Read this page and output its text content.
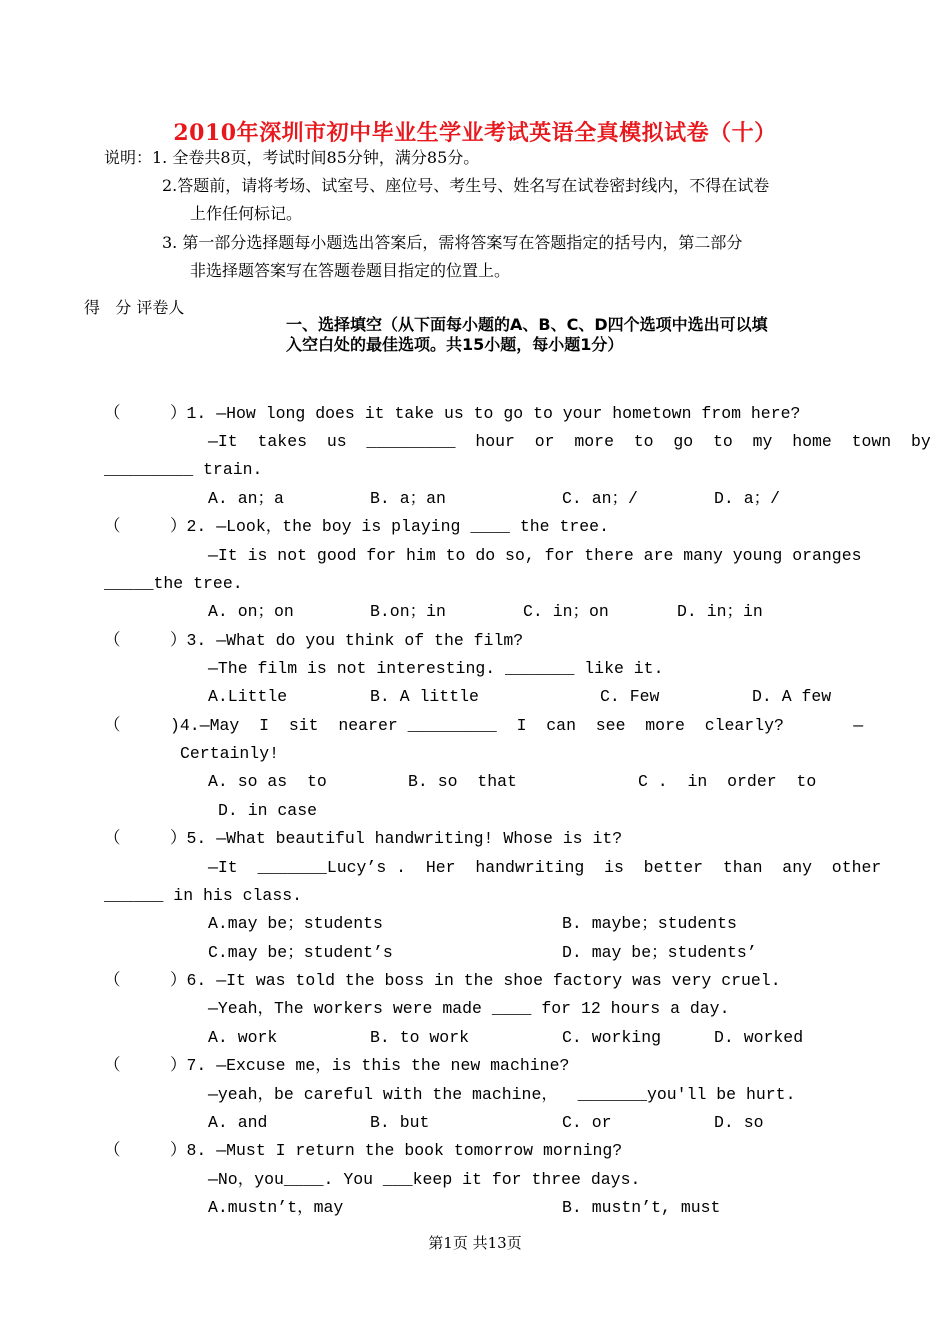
2010年深圳市初中毕业生学业考试英语全真模拟试卷（十）
说明：1. 全卷共8页，考试时间85分钟，满分85分。
2.答题前，请将考场、试室号、座位号、考生号、姓名写在试卷密封线内，不得在试卷
上作任何标记。
3. 第一部分选择题每小题选出答案后，需将答案写在答题指定的括号内，第二部分
非选择题答案写在答题卷题目指定的位置上。
得   分 评卷人
一、选择填空（从下面每小题的A、B、C、D四个选项中选出可以填
入空白处的最佳选项。共15小题，每小题1分）
（     ）1. —How long does it take us to go to your hometown from here?
—It  takes  us  _________  hour  or  more  to  go  to  my  home  town  by
_________ train.
A. an；a	B. a；an	C. an；/	D. a；/
（     ）2. —Look，the boy is playing ____ the tree.
—It is not good for him to do so, for there are many young oranges
_____the tree.
A. on；on	B.on；in	C. in；on	D. in；in
（     ）3. —What do you think of the film?
—The film is not interesting. _______ like it.
A.Little	B. A little	C. Few	D. A few
（     )4.—May  I  sit  nearer _________  I  can  see  more  clearly?       —
Certainly!
A. so as  to	B. so  that	C .  in  order  to
D. in case
（     ）5. —What beautiful handwriting! Whose is it?
—It  _______Lucy’s .  Her  handwriting  is  better  than  any  other
______ in his class.
A.may be；students	B. maybe；students
C.may be；student’s	D. may be；students’
（     ）6. —It was told the boss in the shoe factory was very cruel.
—Yeah，The workers were made ____ for 12 hours a day.
A. work	B. to work	C. working	D. worked
（     ）7. —Excuse me，is this the new machine?
—yeah，be careful with the machine，  _______you'll be hurt.
A. and	B. but	C. or	D. so
（     ）8. —Must I return the book tomorrow morning?
—No，you____. You ___keep it for three days.
A.mustn’t，may	B. mustn’t, must
第1页 共13页
